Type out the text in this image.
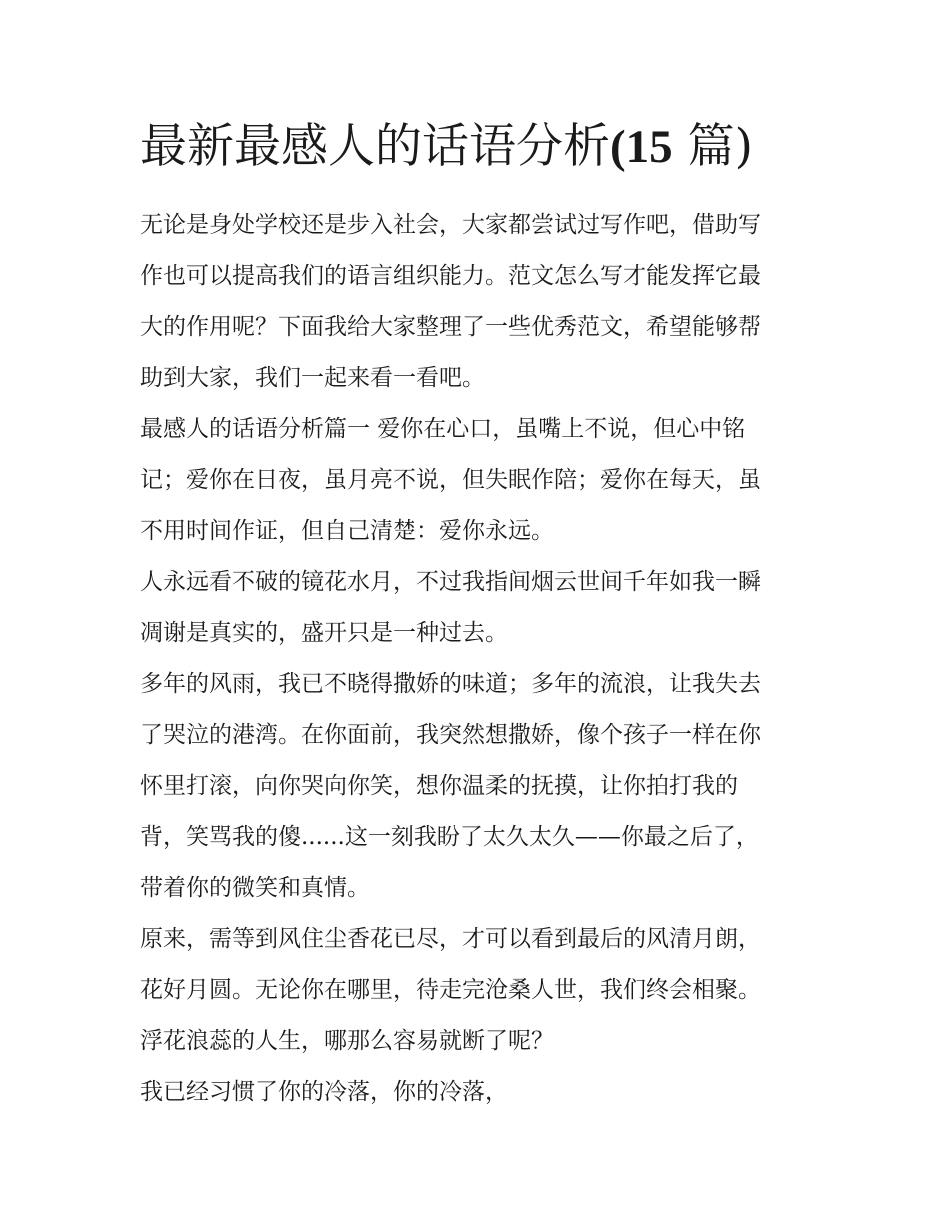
最新最感人的话语分析(15 篇)

无论是身处学校还是步入社会，大家都尝试过写作吧，借助写
作也可以提高我们的语言组织能力。范文怎么写才能发挥它最
大的作用呢？下面我给大家整理了一些优秀范文，希望能够帮
助到大家，我们一起来看一看吧。

最感人的话语分析篇一 爱你在心口，虽嘴上不说，但心中铭
记；爱你在日夜，虽月亮不说，但失眠作陪；爱你在每天，虽
不用时间作证，但自己清楚：爱你永远。

人永远看不破的镜花水月，不过我指间烟云世间千年如我一瞬
凋谢是真实的，盛开只是一种过去。

多年的风雨，我已不晓得撒娇的味道；多年的流浪，让我失去
了哭泣的港湾。在你面前，我突然想撒娇，像个孩子一样在你
怀里打滚，向你哭向你笑，想你温柔的抚摸，让你拍打我的
背，笑骂我的傻......这一刻我盼了太久太久——你最之后了，
带着你的微笑和真情。

原来，需等到风住尘香花已尽，才可以看到最后的风清月朗，
花好月圆。无论你在哪里，待走完沧桑人世，我们终会相聚。
浮花浪蕊的人生，哪那么容易就断了呢？

我已经习惯了你的冷落，你的冷落，
